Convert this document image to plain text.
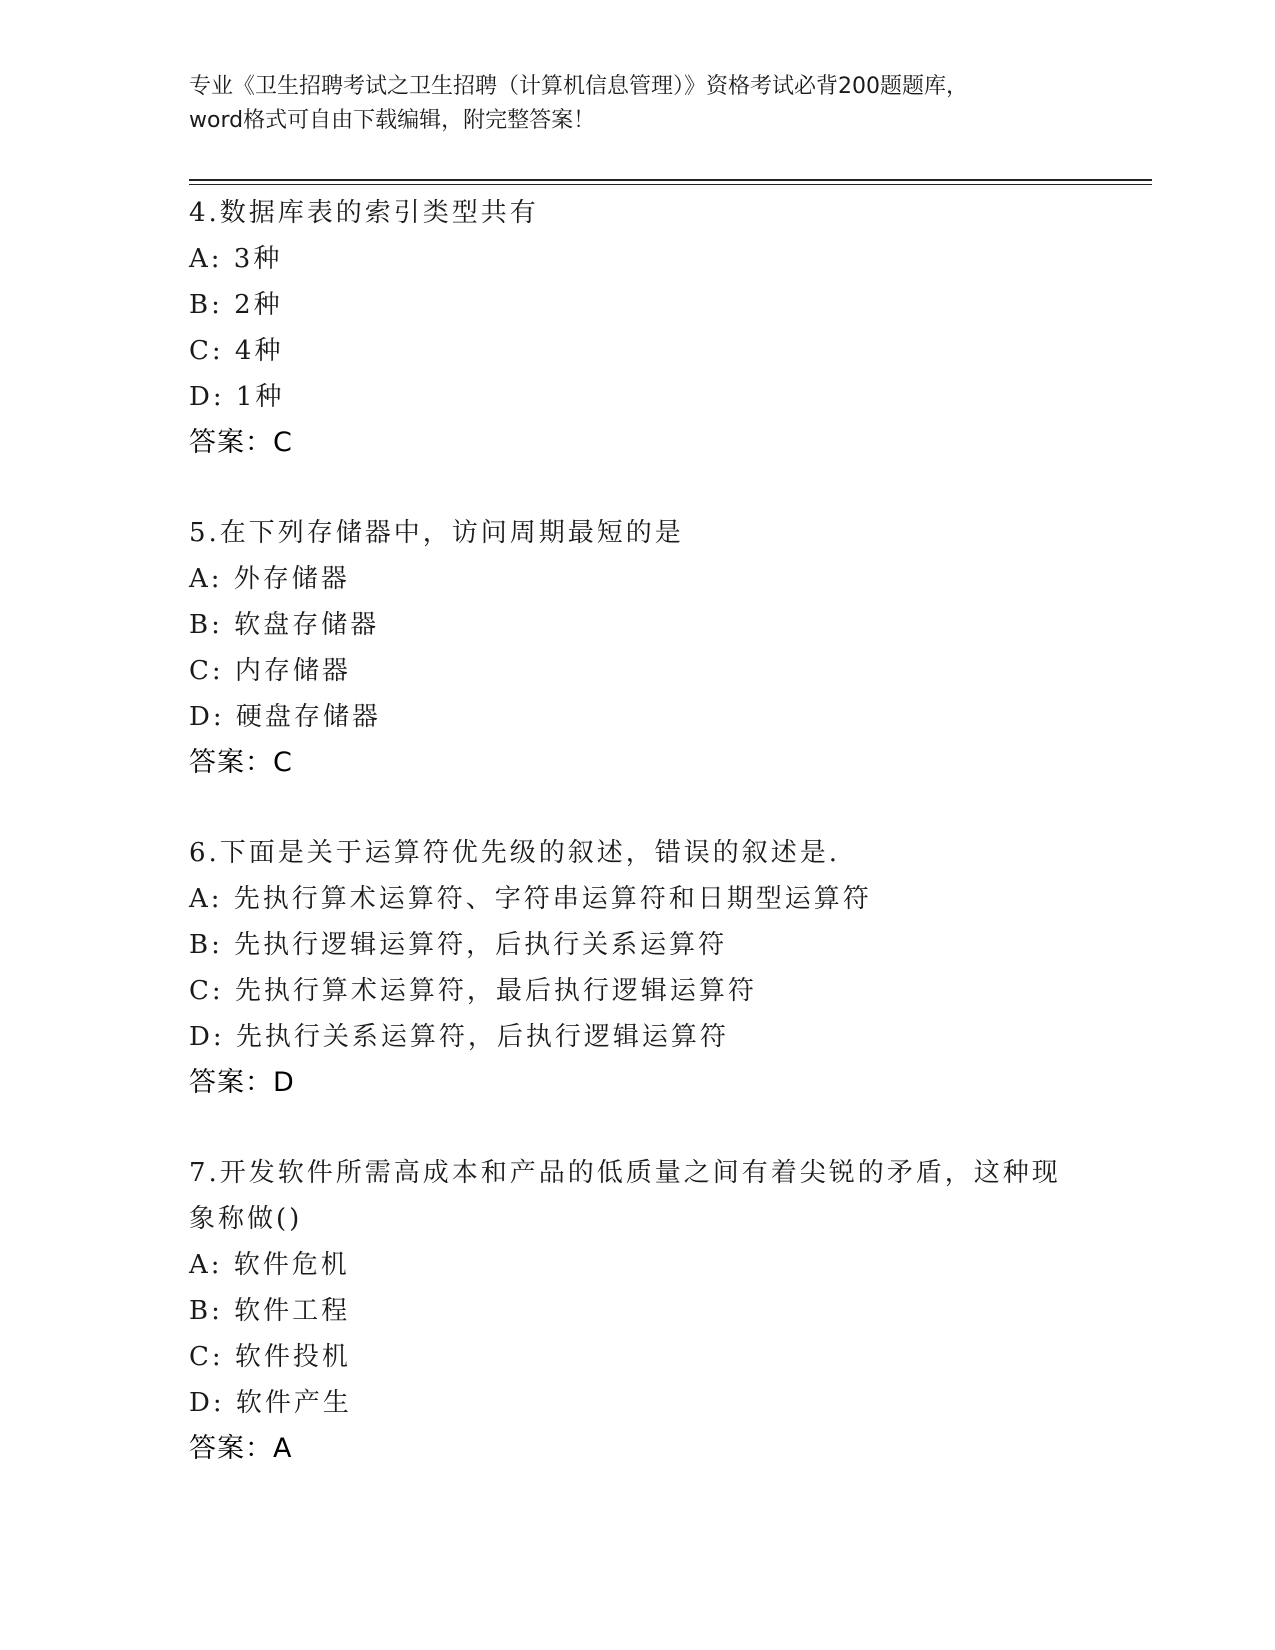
专业《卫生招聘考试之卫生招聘（计算机信息管理）》资格考试必背200题题库，
word格式可自由下载编辑，附完整答案！
4.数据库表的索引类型共有
A: 3种
B: 2种
C: 4种
D: 1种
答案：C
5.在下列存储器中，访问周期最短的是
A: 外存储器
B: 软盘存储器
C: 内存储器
D: 硬盘存储器
答案：C
6.下面是关于运算符优先级的叙述，错误的叙述是.
A: 先执行算术运算符、字符串运算符和日期型运算符
B: 先执行逻辑运算符，后执行关系运算符
C: 先执行算术运算符，最后执行逻辑运算符
D: 先执行关系运算符，后执行逻辑运算符
答案：D
7.开发软件所需高成本和产品的低质量之间有着尖锐的矛盾，这种现
象称做()
A: 软件危机
B: 软件工程
C: 软件投机
D: 软件产生
答案：A
